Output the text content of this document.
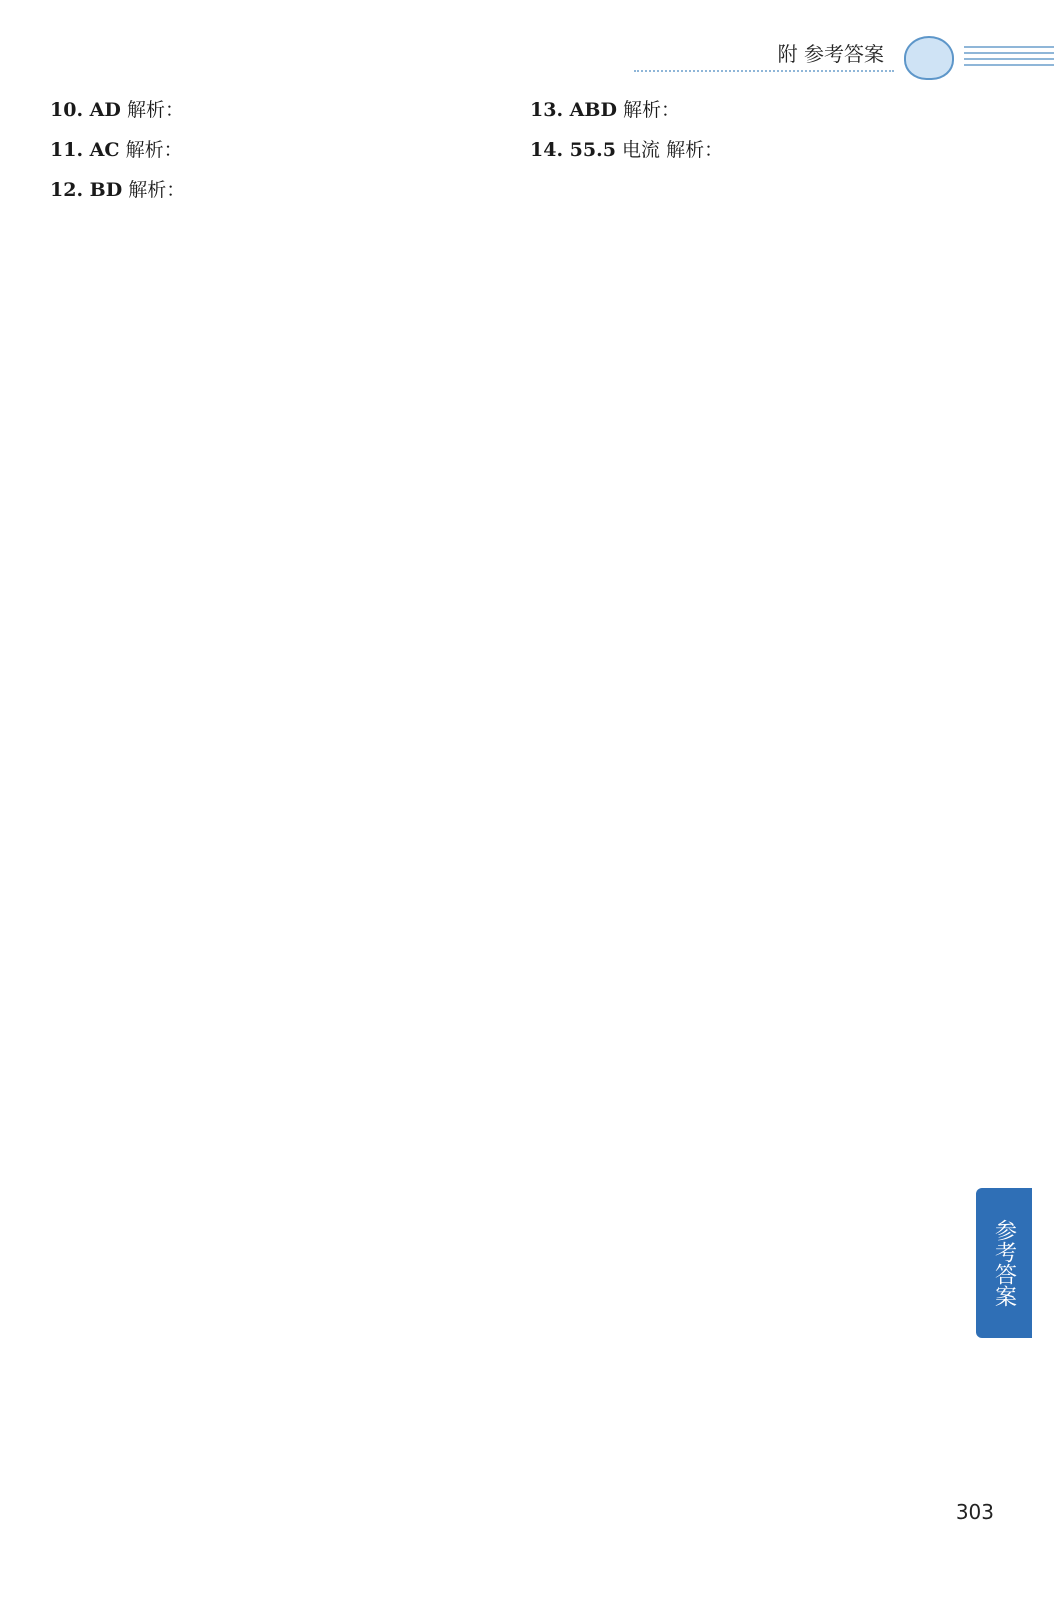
附 参考答案

10. AD 解析：

11. AC 解析：

12. BD 解析：

13. ABD 解析：

14. 55.5 电流 解析：

参考答案
303
